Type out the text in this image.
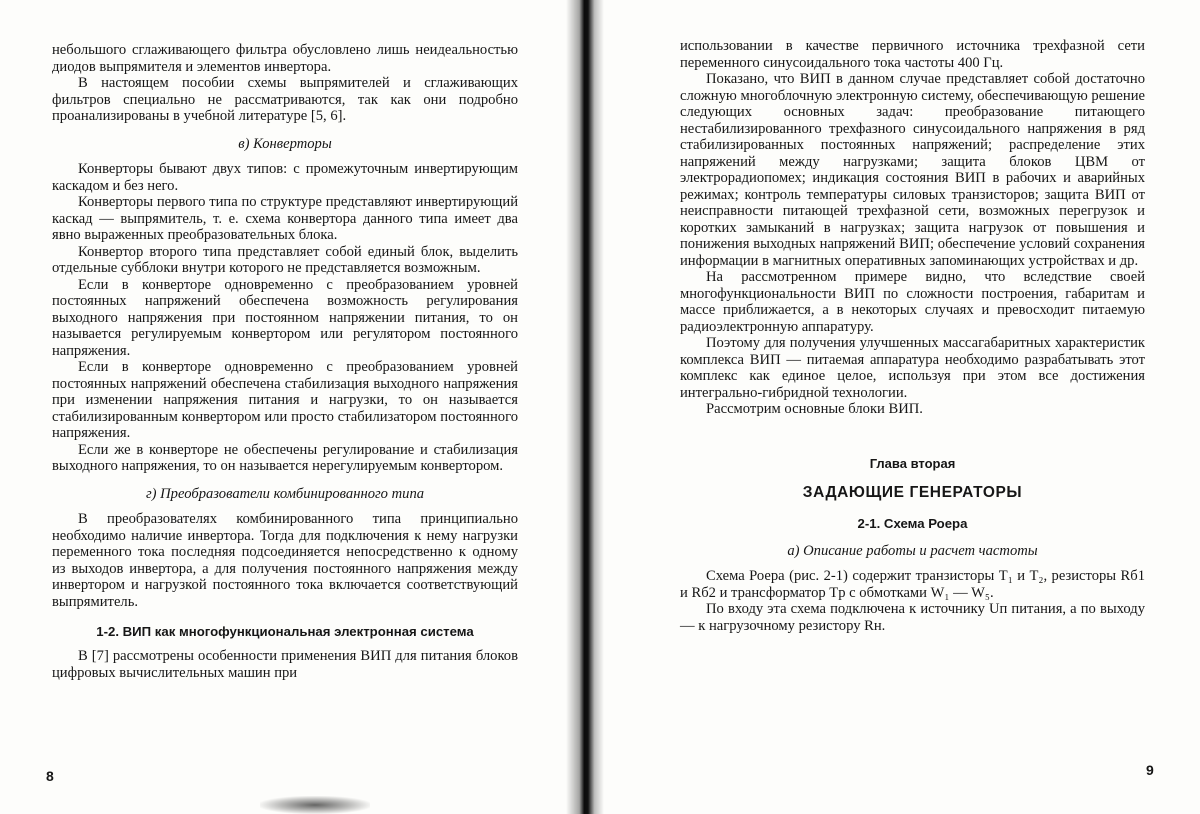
небольшого сглаживающего фильтра обусловлено лишь неидеальностью диодов выпрямителя и элементов инвертора.

В настоящем пособии схемы выпрямителей и сглаживающих фильтров специально не рассматриваются, так как они подробно проанализированы в учебной литературе [5, 6].

в) Конверторы

Конверторы бывают двух типов: с промежуточным инвертирующим каскадом и без него.

Конверторы первого типа по структуре представляют инвертирующий каскад — выпрямитель, т. е. схема конвертора данного типа имеет два явно выраженных преобразовательных блока.

Конвертор второго типа представляет собой единый блок, выделить отдельные субблоки внутри которого не представляется возможным.

Если в конверторе одновременно с преобразованием уровней постоянных напряжений обеспечена возможность регулирования выходного напряжения при постоянном напряжении питания, то он называется регулируемым конвертором или регулятором постоянного напряжения.

Если в конверторе одновременно с преобразованием уровней постоянных напряжений обеспечена стабилизация выходного напряжения при изменении напряжения питания и нагрузки, то он называется стабилизированным конвертором или просто стабилизатором постоянного напряжения.

Если же в конверторе не обеспечены регулирование и стабилизация выходного напряжения, то он называется нерегулируемым конвертором.

г) Преобразователи комбинированного типа

В преобразователях комбинированного типа принципиально необходимо наличие инвертора. Тогда для подключения к нему нагрузки переменного тока последняя подсоединяется непосредственно к одному из выходов инвертора, а для получения постоянного напряжения между инвертором и нагрузкой постоянного тока включается соответствующий выпрямитель.

1-2. ВИП как многофункциональная электронная система

В [7] рассмотрены особенности применения ВИП для питания блоков цифровых вычислительных машин при

8

использовании в качестве первичного источника трехфазной сети переменного синусоидального тока частоты 400 Гц.

Показано, что ВИП в данном случае представляет собой достаточно сложную многоблочную электронную систему, обеспечивающую решение следующих основных задач: преобразование питающего нестабилизированного трехфазного синусоидального напряжения в ряд стабилизированных постоянных напряжений; распределение этих напряжений между нагрузками; защита блоков ЦВМ от электрорадиопомех; индикация состояния ВИП в рабочих и аварийных режимах; контроль температуры силовых транзисторов; защита ВИП от неисправности питающей трехфазной сети, возможных перегрузок и коротких замыканий в нагрузках; защита нагрузок от повышения и понижения выходных напряжений ВИП; обеспечение условий сохранения информации в магнитных оперативных запоминающих устройствах и др.

На рассмотренном примере видно, что вследствие своей многофункциональности ВИП по сложности построения, габаритам и массе приближается, а в некоторых случаях и превосходит питаемую радиоэлектронную аппаратуру.

Поэтому для получения улучшенных массагабаритных характеристик комплекса ВИП — питаемая аппаратура необходимо разрабатывать этот комплекс как единое целое, используя при этом все достижения интегрально-гибридной технологии.

Рассмотрим основные блоки ВИП.

Глава вторая
ЗАДАЮЩИЕ ГЕНЕРАТОРЫ
2-1. Схема Роера
а) Описание работы и расчет частоты

Схема Роера (рис. 2-1) содержит транзисторы T₁ и T₂, резисторы Rб1 и Rб2 и трансформатор Tp с обмотками W₁ — W₅.

По входу эта схема подключена к источнику Uп питания, а по выходу — к нагрузочному резистору Rн.

9
